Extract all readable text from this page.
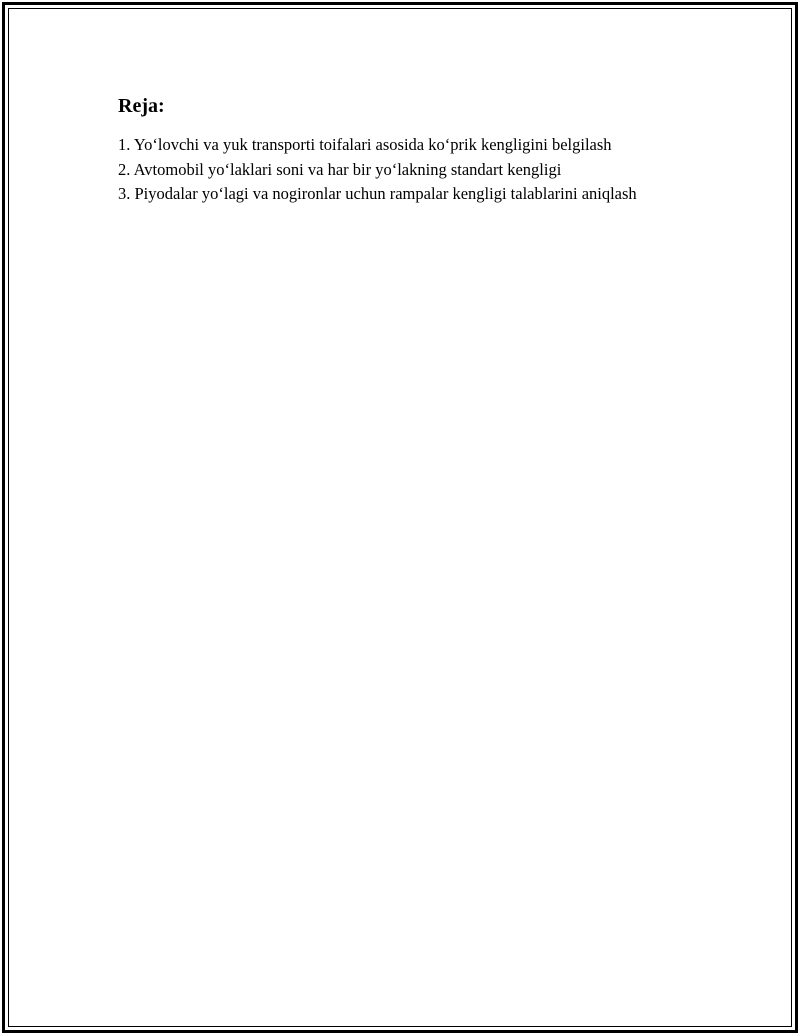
Reja:
1. Yo‘lovchi va yuk transporti toifalari asosida ko‘prik kengligini belgilash
2. Avtomobil yo‘laklari soni va har bir yo‘lakning standart kengligi
3. Piyodalar yo‘lagi va nogironlar uchun rampalar kengligi talablarini aniqlash
